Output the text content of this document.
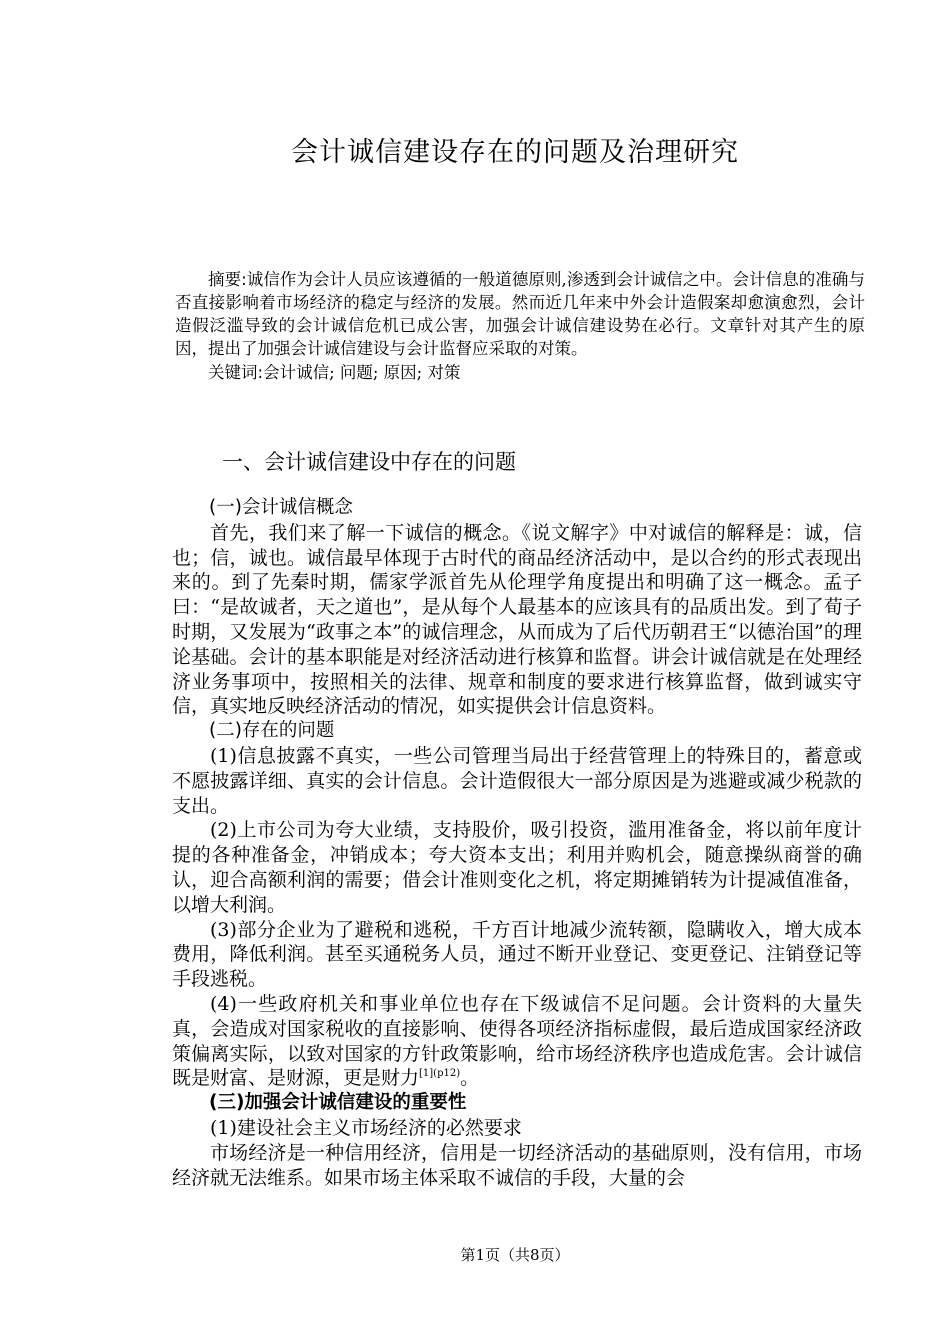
会计诚信建设存在的问题及治理研究

摘要:诚信作为会计人员应该遵循的一般道德原则,渗透到会计诚信之中。会计信息的准确与否直接影响着市场经济的稳定与经济的发展。然而近几年来中外会计造假案却愈演愈烈，会计造假泛滥导致的会计诚信危机已成公害，加强会计诚信建设势在必行。文章针对其产生的原因，提出了加强会计诚信建设与会计监督应采取的对策。

关键词:会计诚信; 问题; 原因; 对策

一、会计诚信建设中存在的问题

(一)会计诚信概念

首先，我们来了解一下诚信的概念。《说文解字》中对诚信的解释是：诚，信也；信，诚也。诚信最早体现于古时代的商品经济活动中，是以合约的形式表现出来的。到了先秦时期，儒家学派首先从伦理学角度提出和明确了这一概念。孟子曰：“是故诚者，天之道也”，是从每个人最基本的应该具有的品质出发。到了荀子时期，又发展为“政事之本”的诚信理念，从而成为了后代历朝君王“以德治国”的理论基础。会计的基本职能是对经济活动进行核算和监督。讲会计诚信就是在处理经济业务事项中，按照相关的法律、规章和制度的要求进行核算监督，做到诚实守信，真实地反映经济活动的情况，如实提供会计信息资料。

(二)存在的问题

(1)信息披露不真实，一些公司管理当局出于经营管理上的特殊目的，蓄意或不愿披露详细、真实的会计信息。会计造假很大一部分原因是为逃避或减少税款的支出。

(2)上市公司为夸大业绩，支持股价，吸引投资，滥用准备金，将以前年度计提的各种准备金，冲销成本；夸大资本支出；利用并购机会，随意操纵商誉的确认，迎合高额利润的需要；借会计准则变化之机，将定期摊销转为计提减值准备，以增大利润。

(3)部分企业为了避税和逃税，千方百计地减少流转额，隐瞒收入，增大成本费用，降低利润。甚至买通税务人员，通过不断开业登记、变更登记、注销登记等手段逃税。

(4)一些政府机关和事业单位也存在下级诚信不足问题。会计资料的大量失真，会造成对国家税收的直接影响、使得各项经济指标虚假，最后造成国家经济政策偏离实际，以致对国家的方针政策影响，给市场经济秩序也造成危害。会计诚信既是财富、是财源，更是财力$^{[1](p12)}$。

(三)加强会计诚信建设的重要性

(1)建设社会主义市场经济的必然要求

市场经济是一种信用经济，信用是一切经济活动的基础原则，没有信用，市场经济就无法维系。如果市场主体采取不诚信的手段，大量的会

第1页（共8页）
